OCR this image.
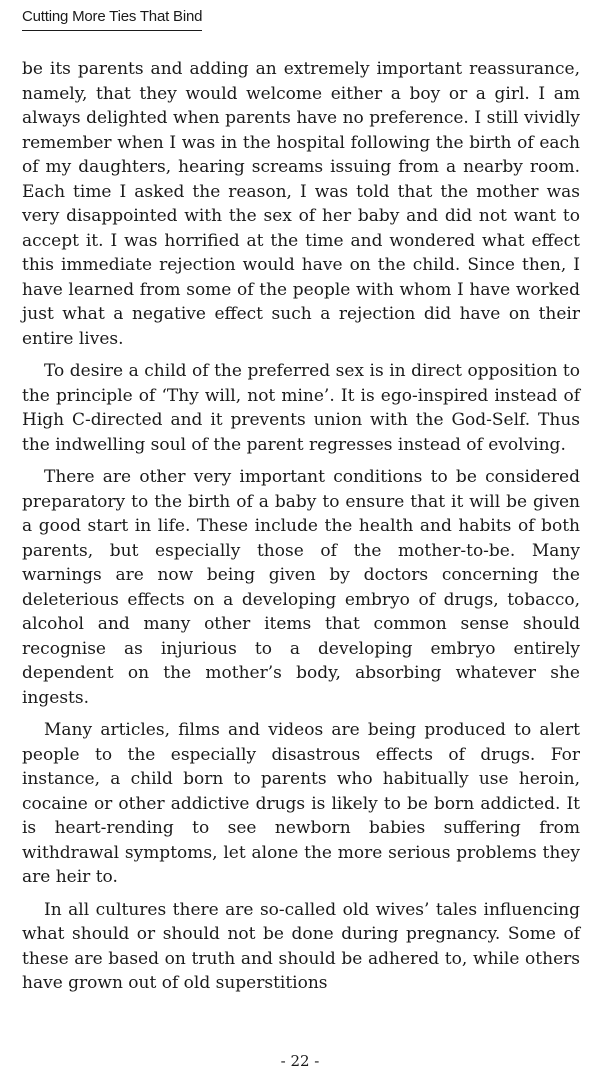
Cutting More Ties That Bind

be its parents and adding an extremely important reassurance, namely, that they would welcome either a boy or a girl. I am always delighted when parents have no preference. I still vividly remember when I was in the hospital following the birth of each of my daughters, hearing screams issuing from a nearby room. Each time I asked the reason, I was told that the mother was very disappointed with the sex of her baby and did not want to accept it. I was horrified at the time and wondered what effect this immediate rejection would have on the child. Since then, I have learned from some of the people with whom I have worked just what a negative effect such a rejection did have on their entire lives.

To desire a child of the preferred sex is in direct opposition to the principle of ‘Thy will, not mine’. It is ego-inspired instead of High C-directed and it prevents union with the God-Self. Thus the indwelling soul of the parent regresses instead of evolving.

There are other very important conditions to be considered preparatory to the birth of a baby to ensure that it will be given a good start in life. These include the health and habits of both parents, but especially those of the mother-to-be. Many warnings are now being given by doctors concerning the deleterious effects on a developing embryo of drugs, tobacco, alcohol and many other items that common sense should recognise as injurious to a developing embryo entirely dependent on the mother’s body, absorbing whatever she ingests.

Many articles, films and videos are being produced to alert people to the especially disastrous effects of drugs. For instance, a child born to parents who habitually use heroin, cocaine or other addictive drugs is likely to be born addicted. It is heart-rending to see newborn babies suffering from withdrawal symptoms, let alone the more serious problems they are heir to.

In all cultures there are so-called old wives’ tales influencing what should or should not be done during pregnancy. Some of these are based on truth and should be adhered to, while others have grown out of old superstitions

- 22 -
